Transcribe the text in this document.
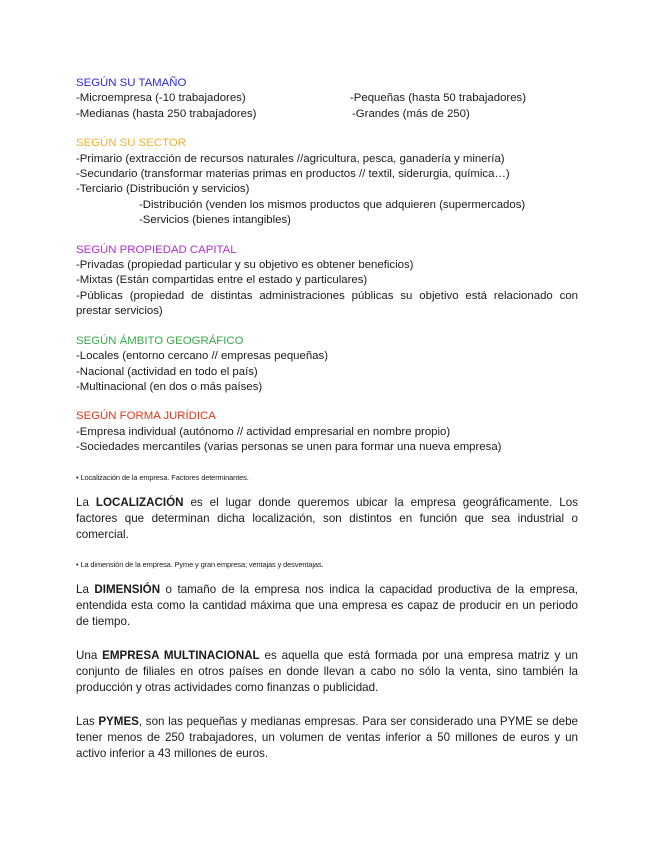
SEGÚN SU TAMAÑO
-Microempresa (-10 trabajadores)	-Pequeñas (hasta 50 trabajadores)
-Medianas (hasta 250 trabajadores)	-Grandes (más de 250)
SEGÚN SU SECTOR
-Primario (extracción de recursos naturales //agricultura, pesca, ganadería y minería)
-Secundario (transformar materias primas en productos // textil, siderurgia, química…)
-Terciario (Distribución y servicios)
-Distribución (venden los mismos productos que adquieren (supermercados)
-Servicios (bienes intangibles)
SEGÚN PROPIEDAD CAPITAL
-Privadas (propiedad particular y su objetivo es obtener beneficios)
-Mixtas (Están compartidas entre el estado y particulares)
-Públicas (propiedad de distintas administraciones públicas su objetivo está relacionado con prestar servicios)
SEGÚN ÁMBITO GEOGRÁFICO
-Locales (entorno cercano // empresas pequeñas)
-Nacional (actividad en todo el país)
-Multinacional (en dos o más países)
SEGÚN FORMA JURÍDICA
-Empresa individual (autónomo // actividad empresarial en nombre propio)
-Sociedades mercantiles (varias personas se unen para formar una nueva empresa)
• Localización de la empresa. Factores determinantes.
La LOCALIZACIÓN es el lugar donde queremos ubicar la empresa geográficamente. Los factores que determinan dicha localización, son distintos en función que sea industrial o comercial.
• La dimensión de la empresa. Pyme y gran empresa; ventajas y desventajas.
La DIMENSIÓN o tamaño de la empresa nos indica la capacidad productiva de la empresa, entendida esta como la cantidad máxima que una empresa es capaz de producir en un periodo de tiempo.
Una EMPRESA MULTINACIONAL es aquella que está formada por una empresa matriz y un conjunto de filiales en otros países en donde llevan a cabo no sólo la venta, sino también la producción y otras actividades como finanzas o publicidad.
Las PYMES, son las pequeñas y medianas empresas. Para ser considerado una PYME se debe tener menos de 250 trabajadores, un volumen de ventas inferior a 50 millones de euros y un activo inferior a 43 millones de euros.
